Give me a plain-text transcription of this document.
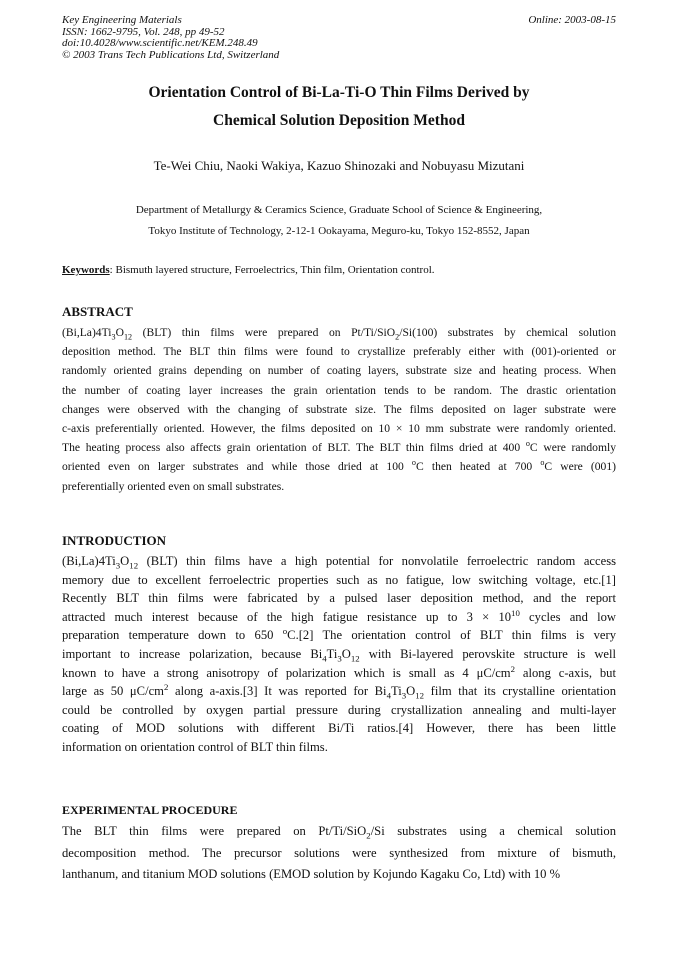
Key Engineering Materials
ISSN: 1662-9795, Vol. 248, pp 49-52
doi:10.4028/www.scientific.net/KEM.248.49
© 2003 Trans Tech Publications Ltd, Switzerland
Online: 2003-08-15
Orientation Control of Bi-La-Ti-O Thin Films Derived by
Chemical Solution Deposition Method
Te-Wei Chiu, Naoki Wakiya, Kazuo Shinozaki and Nobuyasu Mizutani
Department of Metallurgy & Ceramics Science, Graduate School of Science & Engineering,
Tokyo Institute of Technology, 2-12-1 Ookayama, Meguro-ku, Tokyo 152-8552, Japan
Keywords: Bismuth layered structure, Ferroelectrics, Thin film, Orientation control.
ABSTRACT
$(Bi,La)4Ti_3O_{12}$ (BLT) thin films were prepared on Pt/Ti/SiO$_2$/Si(100) substrates by chemical solution
deposition method. The BLT thin films were found to crystallize preferably either with (001)-oriented or
randomly oriented grains depending on number of coating layers, substrate size and heating process. When
the number of coating layer increases the grain orientation tends to be random. The drastic orientation
changes were observed with the changing of substrate size. The films deposited on lager substrate were
c-axis preferentially oriented. However, the films deposited on 10 × 10 mm substrate were randomly oriented.
The heating process also affects grain orientation of BLT. The BLT thin films dried at 400 $^o$C were randomly
oriented even on larger substrates and while those dried at 100 $^o$C then heated at 700 $^o$C were (001)
preferentially oriented even on small substrates.
INTRODUCTION
$(Bi,La)4Ti_3O_{12}$ (BLT) thin films have a high potential for nonvolatile ferroelectric random access
memory due to excellent ferroelectric properties such as no fatigue, low switching voltage, etc.[1]
Recently BLT thin films were fabricated by a pulsed laser deposition method, and the report
attracted much interest because of the high fatigue resistance up to $3 \times 10^{10}$ cycles and low
preparation temperature down to 650 $^o$C.[2] The orientation control of BLT thin films is very
important to increase polarization, because $Bi_4Ti_3O_{12}$ with Bi-layered perovskite structure is well
known to have a strong anisotropy of polarization which is small as 4 $\mu C/cm^2$ along c-axis, but
large as 50 $\mu C/cm^2$ along a-axis.[3] It was reported for $Bi_4Ti_3O_{12}$ film that its crystalline orientation
could be controlled by oxygen partial pressure during crystallization annealing and multi-layer
coating of MOD solutions with different Bi/Ti ratios.[4] However, there has been little
information on orientation control of BLT thin films.
EXPERIMENTAL PROCEDURE
The BLT thin films were prepared on Pt/Ti/SiO$_2$/Si substrates using a chemical solution
decomposition method. The precursor solutions were synthesized from mixture of bismuth,
lanthanum, and titanium MOD solutions (EMOD solution by Kojundo Kagaku Co, Ltd) with 10 %
